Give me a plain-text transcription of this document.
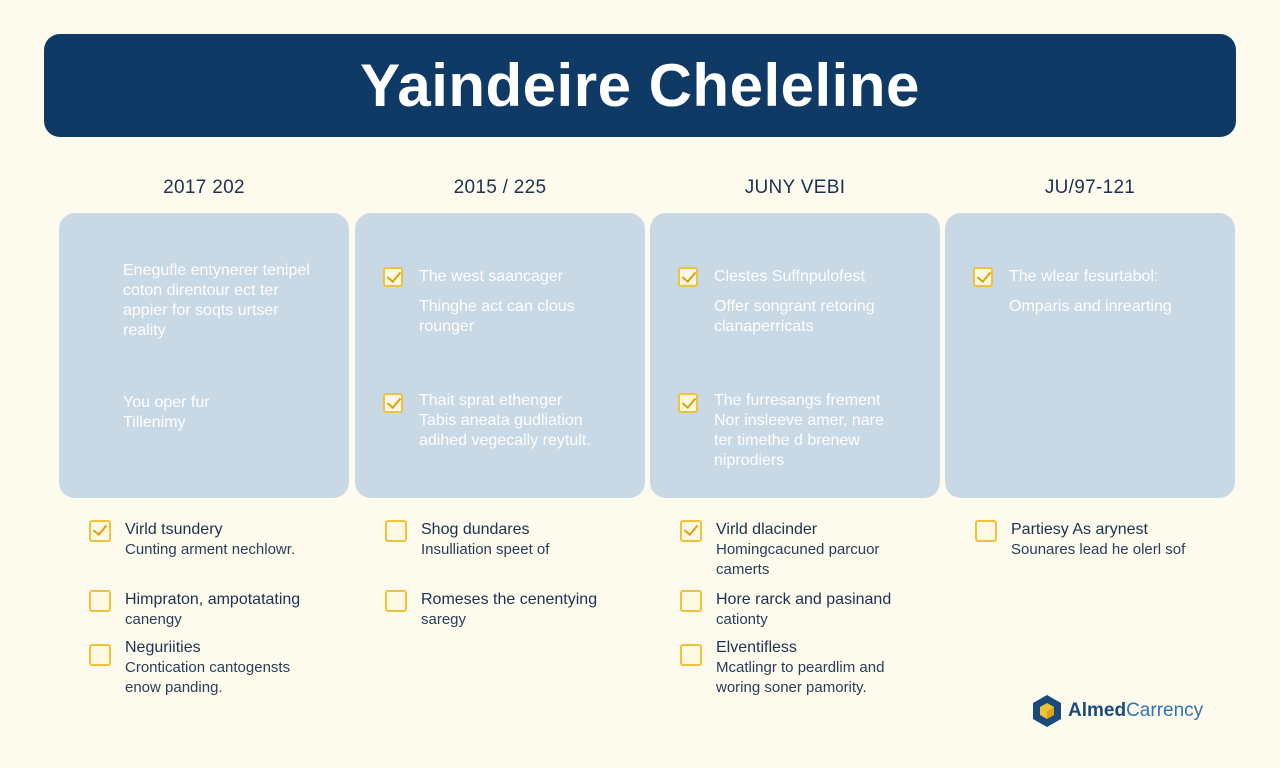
Yaindeire Cheleline
2017 202
Enegufle entynerer tenipel coton direntour ect ter appier for soqts urtser reality
You oper fur Tillenimy
Virld tsundery
Cunting arment nechlowr.
Himpraton, ampotatating
canengy
Neguriities
Crontication cantogensts enow panding.
2015 / 225
The west saancager
Thinghe act can clous rounger
Thait sprat ethenger
Tabis aneata gudliation adihed vegecally reytult.
Shog dundares
Insulliation speet of
Romeses the cenentying
saregy
JUNY VEBI
Clestes Suffnpulofest
Offer songrant retoring clanaperricats
The furresangs frement
Nor insleeve amer, nare ter timethe d brenew niprodiers
Virld dlacinder
Homingcacuned parcuor camerts
Hore rarck and pasinand
cationty
Elventifless
Mcatlingr to peardlim and woring soner pamority.
JU/97-121
The wlear fesurtabol:
Omparis and inrearting
Partiesy As arynest
Sounares lead he olerl sof
AlmedCarrency
